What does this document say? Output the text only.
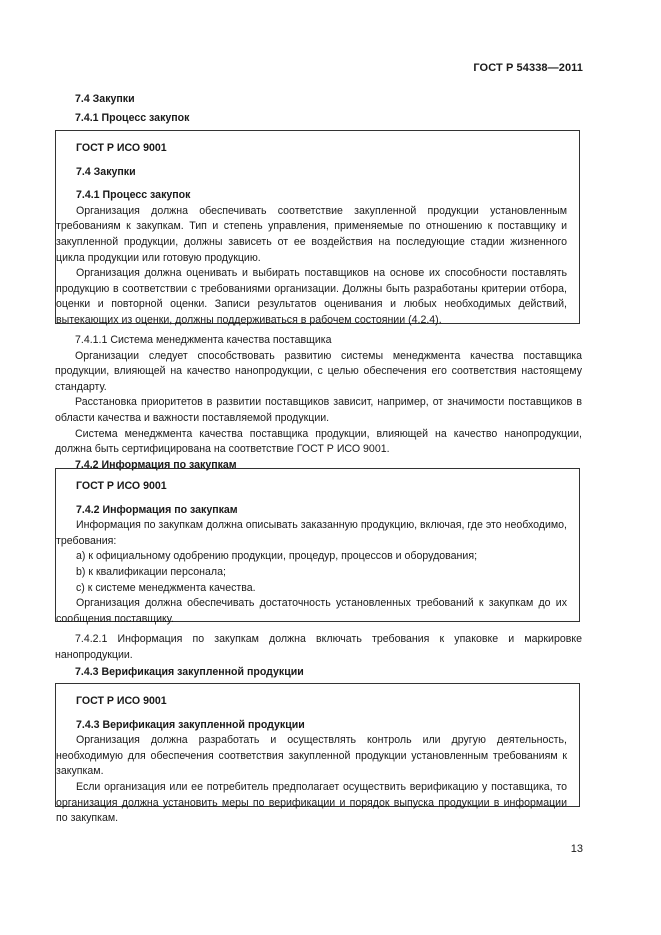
ГОСТ Р 54338—2011

7.4 Закупки

7.4.1 Процесс закупок

ГОСТ Р ИСО 9001

7.4 Закупки

7.4.1 Процесс закупок

Организация должна обеспечивать соответствие закупленной продукции установленным требованиям к закупкам. Тип и степень управления, применяемые по отношению к поставщику и закупленной продукции, должны зависеть от ее воздействия на последующие стадии жизненного цикла продукции или готовую продукцию.

Организация должна оценивать и выбирать поставщиков на основе их способности поставлять продукцию в соответствии с требованиями организации. Должны быть разработаны критерии отбора, оценки и повторной оценки. Записи результатов оценивания и любых необходимых действий, вытекающих из оценки, должны поддерживаться в рабочем состоянии (4.2.4).

7.4.1.1 Система менеджмента качества поставщика

Организации следует способствовать развитию системы менеджмента качества поставщика продукции, влияющей на качество нанопродукции, с целью обеспечения его соответствия настоящему стандарту.

Расстановка приоритетов в развитии поставщиков зависит, например, от значимости поставщиков в области качества и важности поставляемой продукции.

Система менеджмента качества поставщика продукции, влияющей на качество нанопродукции, должна быть сертифицирована на соответствие ГОСТ Р ИСО 9001.

7.4.2 Информация по закупкам

ГОСТ Р ИСО 9001

7.4.2 Информация по закупкам

Информация по закупкам должна описывать заказанную продукцию, включая, где это необходимо, требования:

а) к официальному одобрению продукции, процедур, процессов и оборудования;

b) к квалификации персонала;

с) к системе менеджмента качества.

Организация должна обеспечивать достаточность установленных требований к закупкам до их сообщения поставщику.

7.4.2.1 Информация по закупкам должна включать требования к упаковке и маркировке нанопродукции.

7.4.3 Верификация закупленной продукции

ГОСТ Р ИСО 9001

7.4.3 Верификация закупленной продукции

Организация должна разработать и осуществлять контроль или другую деятельность, необходимую для обеспечения соответствия закупленной продукции установленным требованиям к закупкам.

Если организация или ее потребитель предполагает осуществить верификацию у поставщика, то организация должна установить меры по верификации и порядок выпуска продукции в информации по закупкам.

13
